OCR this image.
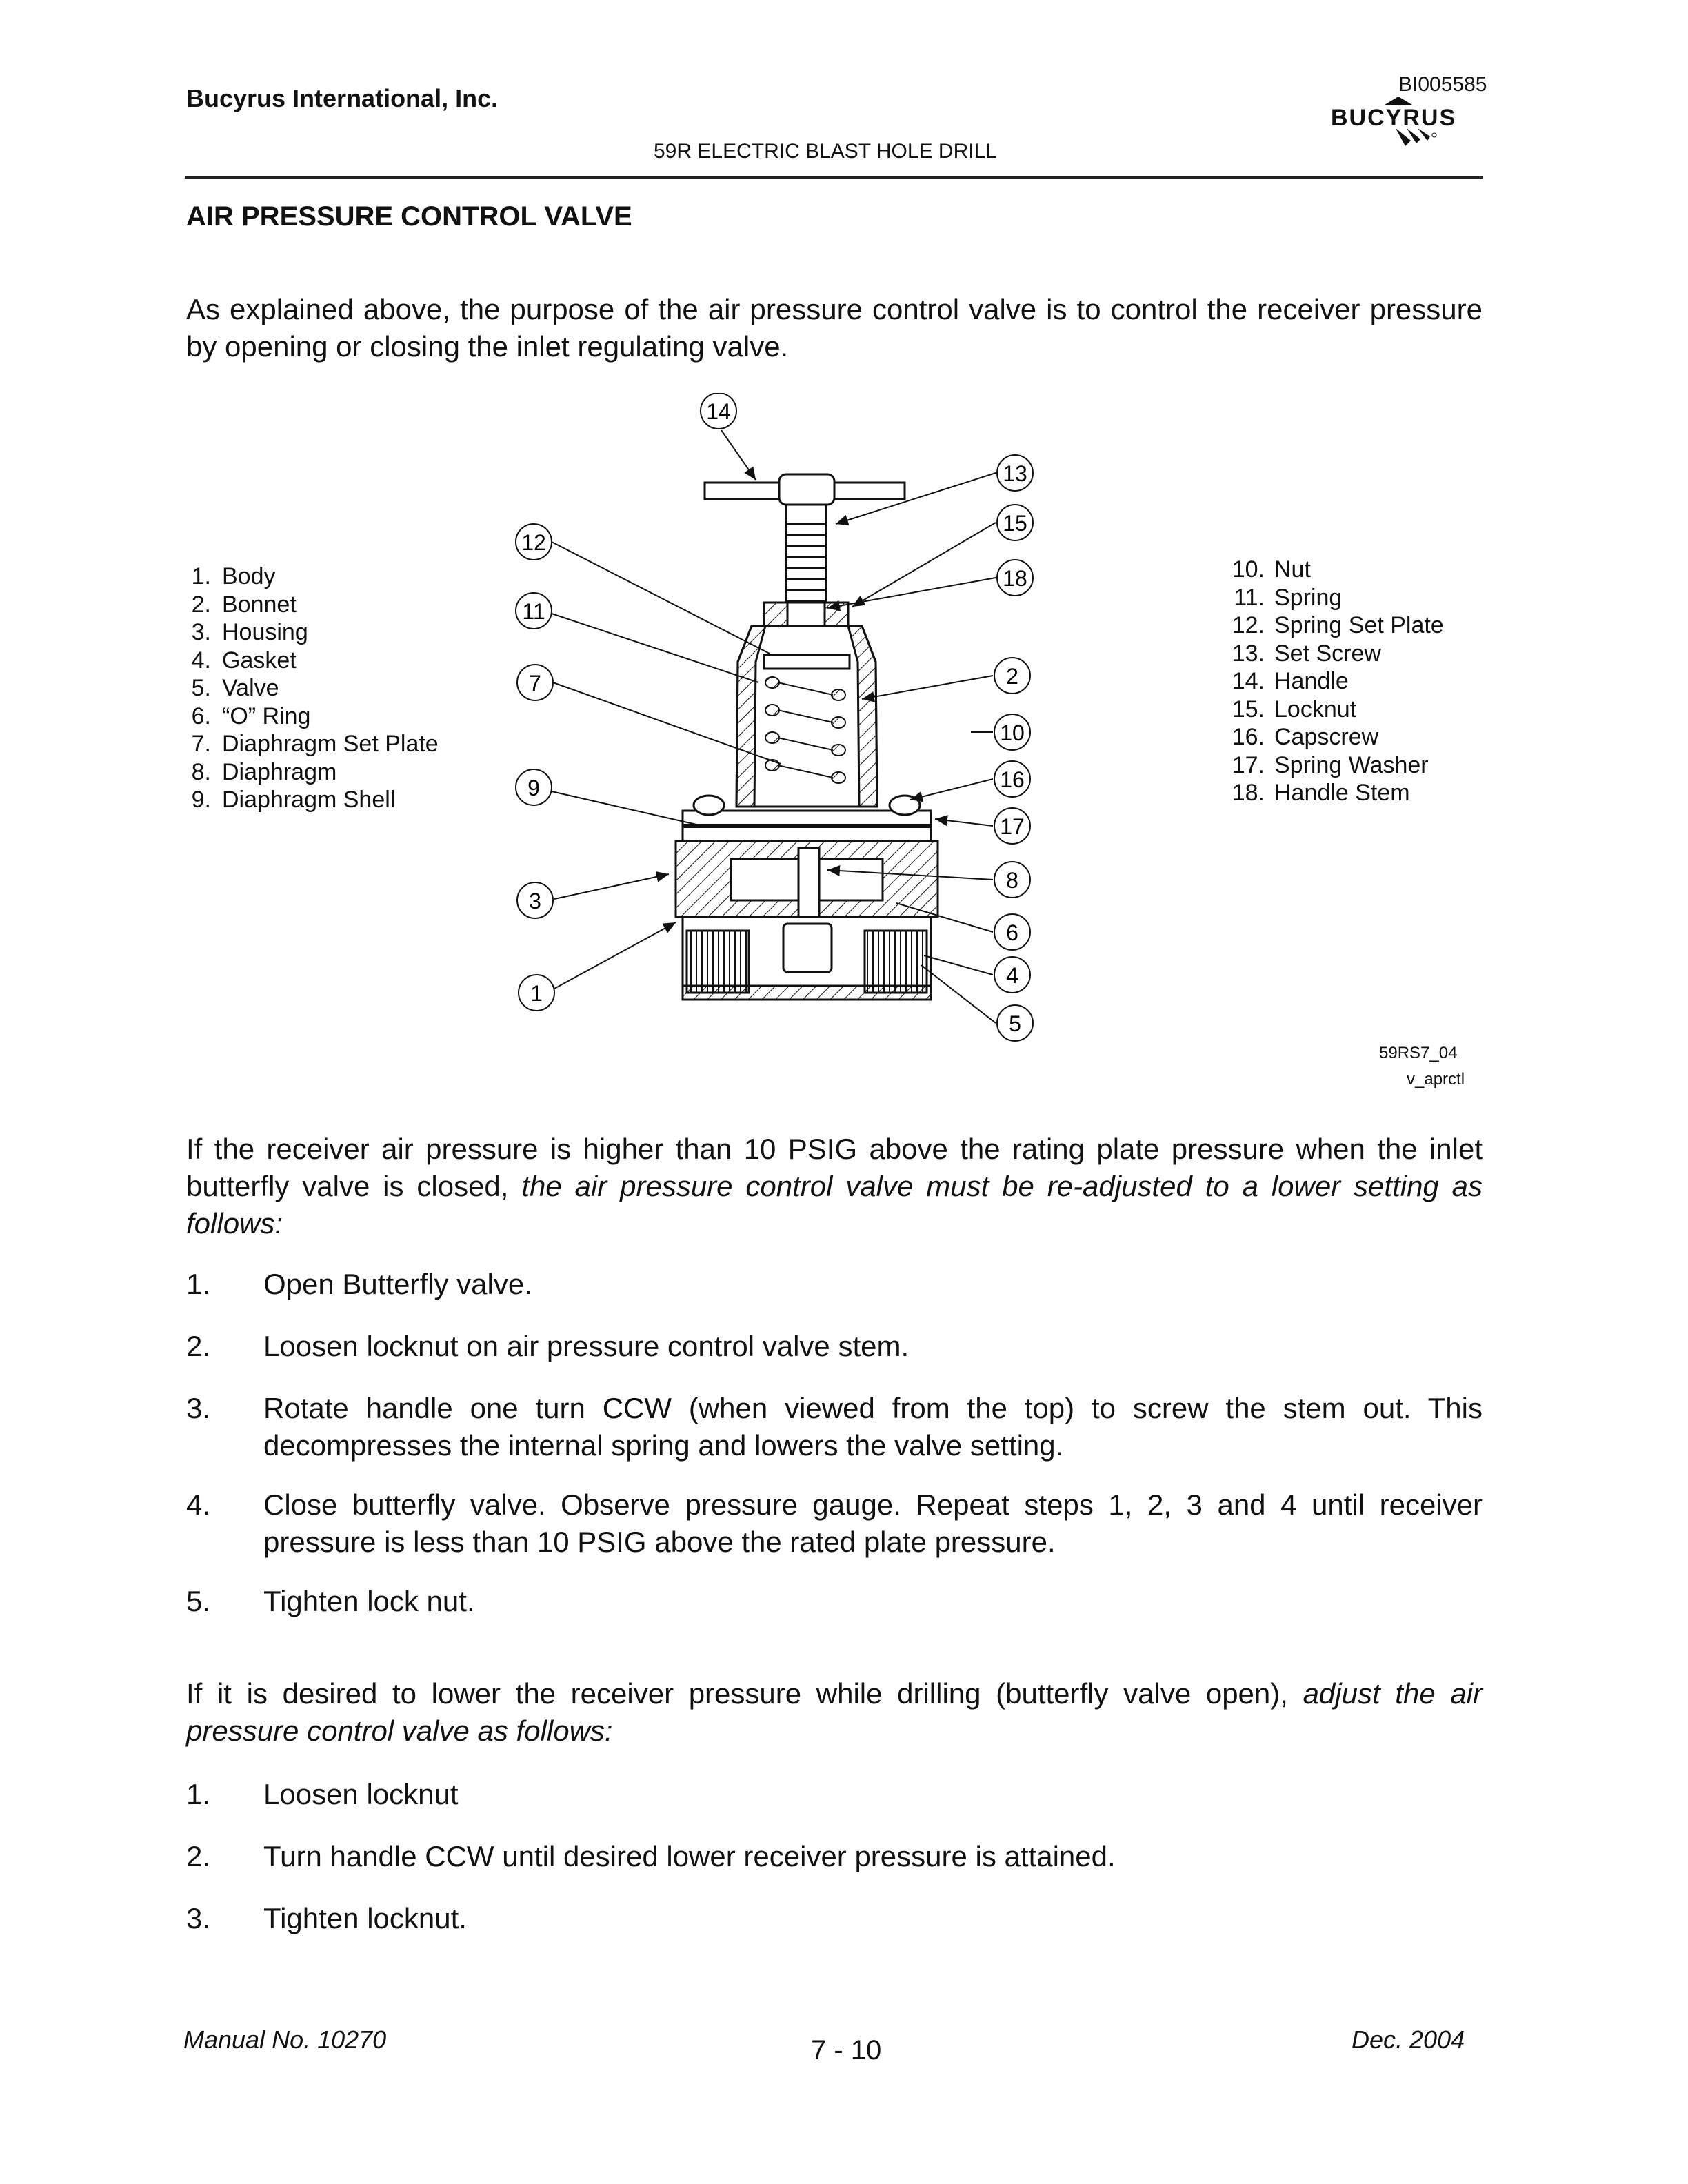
Bucyrus International, Inc.	BI005585
BUCYRUS
59R ELECTRIC BLAST HOLE DRILL
AIR PRESSURE CONTROL VALVE
As explained above, the purpose of the air pressure control valve is to control the receiver pressure by opening or closing the inlet regulating valve.
1. Body
2. Bonnet
3. Housing
4. Gasket
5. Valve
6. “O” Ring
7. Diaphragm Set Plate
8. Diaphragm
9. Diaphragm Shell
10. Nut
11. Spring
12. Spring Set Plate
13. Set Screw
14. Handle
15. Locknut
16. Capscrew
17. Spring Washer
18. Handle Stem
14
13
15
18
2
10
16
17
8
6
4
5
12
11
7
9
3
1
59RS7_04
v_aprctl
If the receiver air pressure is higher than 10 PSIG above the rating plate pressure when the inlet butterfly valve is closed, the air pressure control valve must be re-adjusted to a lower setting as follows:
1. Open Butterfly valve.
2. Loosen locknut on air pressure control valve stem.
3. Rotate handle one turn CCW (when viewed from the top) to screw the stem out. This decompresses the internal spring and lowers the valve setting.
4. Close butterfly valve. Observe pressure gauge. Repeat steps 1, 2, 3 and 4 until receiver pressure is less than 10 PSIG above the rated plate pressure.
5. Tighten lock nut.
If it is desired to lower the receiver pressure while drilling (butterfly valve open), adjust the air pressure control valve as follows:
1. Loosen locknut
2. Turn handle CCW until desired lower receiver pressure is attained.
3. Tighten locknut.
Manual No. 10270	7 - 10	Dec. 2004
